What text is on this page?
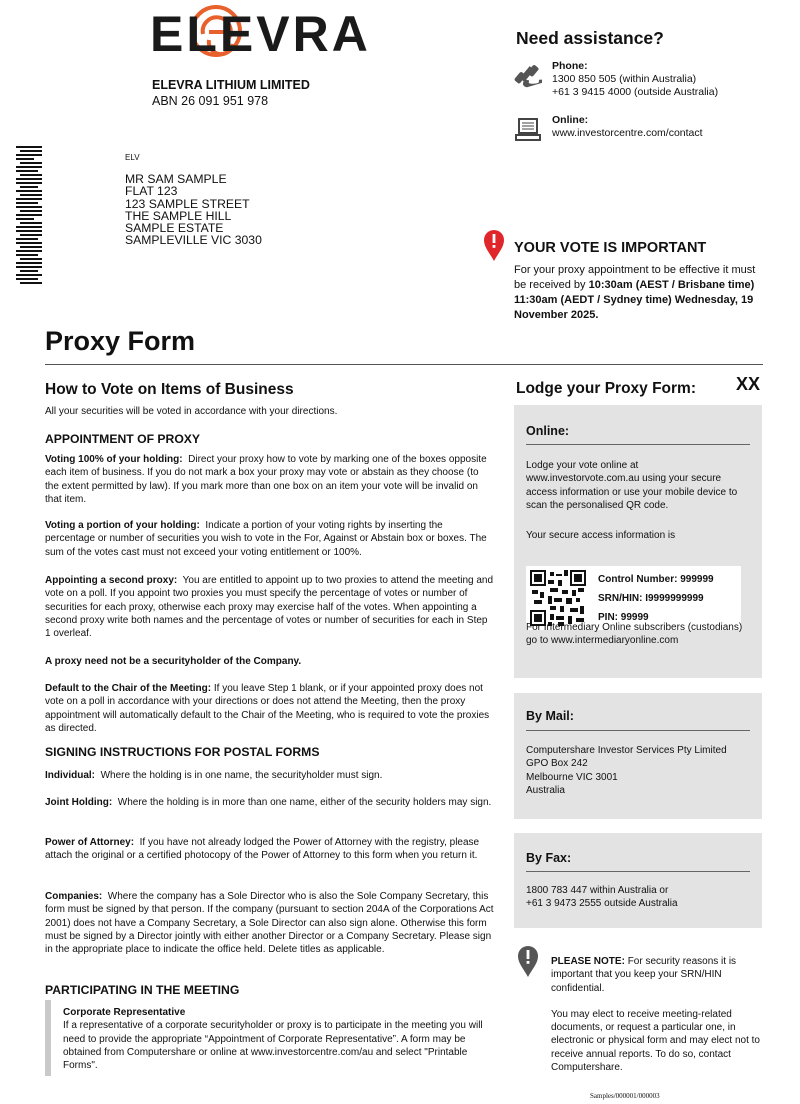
ELEVRA
ELEVRA LITHIUM LIMITED
ABN 26 091 951 978
Need assistance?
Phone:
1300 850 505 (within Australia)
+61 3 9415 4000 (outside Australia)
Online:
www.investorcentre.com/contact
ELV
MR SAM SAMPLE
FLAT 123
123 SAMPLE STREET
THE SAMPLE HILL
SAMPLE ESTATE
SAMPLEVILLE VIC 3030	YOUR VOTE IS IMPORTANT
For your proxy appointment to be effective it must be received by 10:30am (AEST / Brisbane time) 11:30am (AEDT / Sydney time) Wednesday, 19 November 2025.
Proxy Form
How to Vote on Items of Business
All your securities will be voted in accordance with your directions.
APPOINTMENT OF PROXY
Voting 100% of your holding: Direct your proxy how to vote by marking one of the boxes opposite each item of business. If you do not mark a box your proxy may vote or abstain as they choose (to the extent permitted by law). If you mark more than one box on an item your vote will be invalid on that item.
Voting a portion of your holding: Indicate a portion of your voting rights by inserting the percentage or number of securities you wish to vote in the For, Against or Abstain box or boxes. The sum of the votes cast must not exceed your voting entitlement or 100%.
Appointing a second proxy: You are entitled to appoint up to two proxies to attend the meeting and vote on a poll. If you appoint two proxies you must specify the percentage of votes or number of securities for each proxy, otherwise each proxy may exercise half of the votes. When appointing a second proxy write both names and the percentage of votes or number of securities for each in Step 1 overleaf.
A proxy need not be a securityholder of the Company.
Default to the Chair of the Meeting: If you leave Step 1 blank, or if your appointed proxy does not vote on a poll in accordance with your directions or does not attend the Meeting, then the proxy appointment will automatically default to the Chair of the Meeting, who is required to vote the proxies as directed.
SIGNING INSTRUCTIONS FOR POSTAL FORMS
Individual: Where the holding is in one name, the securityholder must sign.
Joint Holding: Where the holding is in more than one name, either of the security holders may sign.
Power of Attorney: If you have not already lodged the Power of Attorney with the registry, please attach the original or a certified photocopy of the Power of Attorney to this form when you return it.
Companies: Where the company has a Sole Director who is also the Sole Company Secretary, this form must be signed by that person. If the company (pursuant to section 204A of the Corporations Act 2001) does not have a Company Secretary, a Sole Director can also sign alone. Otherwise this form must be signed by a Director jointly with either another Director or a Company Secretary. Please sign in the appropriate place to indicate the office held. Delete titles as applicable.
PARTICIPATING IN THE MEETING
Corporate Representative
If a representative of a corporate securityholder or proxy is to participate in the meeting you will need to provide the appropriate “Appointment of Corporate Representative”. A form may be obtained from Computershare or online at www.investorcentre.com/au and select "Printable Forms".
Lodge your Proxy Form: XX
Online:
Lodge your vote online at www.investorvote.com.au using your secure access information or use your mobile device to scan the personalised QR code.
Your secure access information is
Control Number: 999999
SRN/HIN: I9999999999
PIN: 99999
For Intermediary Online subscribers (custodians) go to www.intermediaryonline.com
By Mail:
Computershare Investor Services Pty Limited
GPO Box 242
Melbourne VIC 3001
Australia
By Fax:
1800 783 447 within Australia or
+61 3 9473 2555 outside Australia
PLEASE NOTE: For security reasons it is important that you keep your SRN/HIN confidential.
You may elect to receive meeting-related documents, or request a particular one, in electronic or physical form and may elect not to receive annual reports. To do so, contact Computershare.
Samples/000001/000003
